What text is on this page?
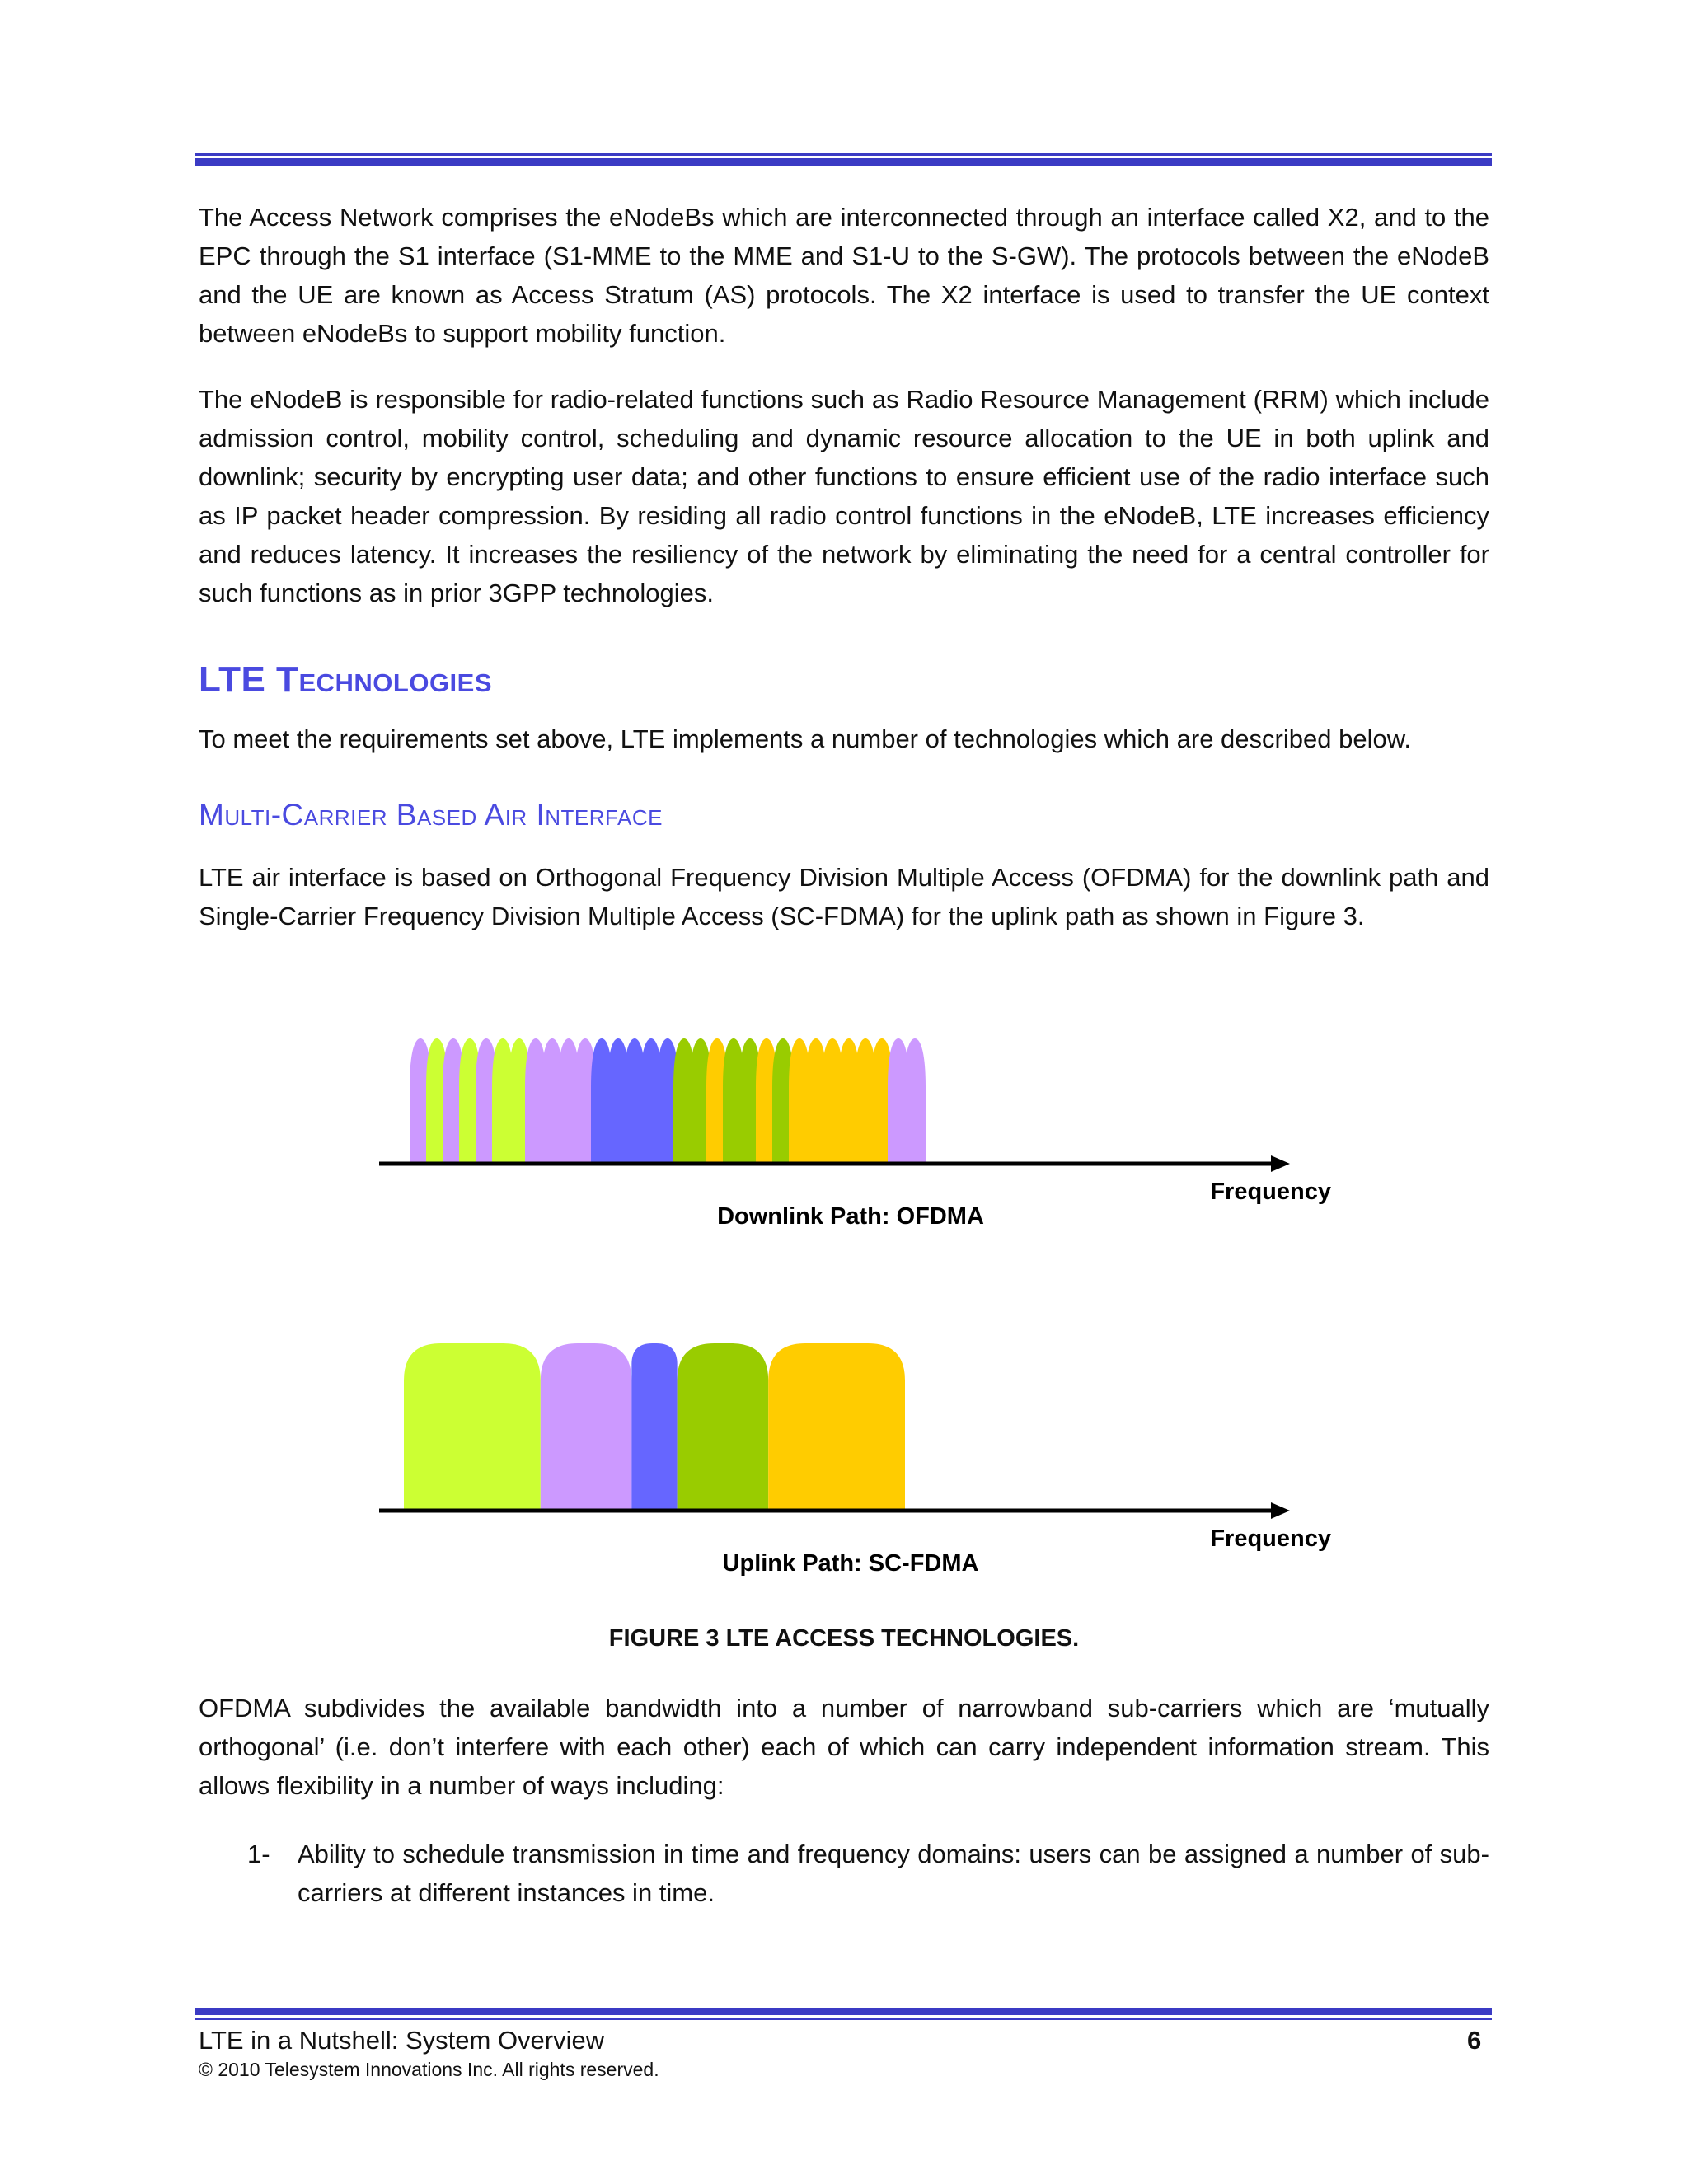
The Access Network comprises the eNodeBs which are interconnected through an interface called X2, and to the EPC through the S1 interface (S1-MME to the MME and S1-U to the S-GW). The protocols between the eNodeB and the UE are known as Access Stratum (AS) protocols. The X2 interface is used to transfer the UE context between eNodeBs to support mobility function.

The eNodeB is responsible for radio-related functions such as Radio Resource Management (RRM) which include admission control, mobility control, scheduling and dynamic resource allocation to the UE in both uplink and downlink; security by encrypting user data; and other functions to ensure efficient use of the radio interface such as IP packet header compression. By residing all radio control functions in the eNodeB, LTE increases efficiency and reduces latency. It increases the resiliency of the network by eliminating the need for a central controller for such functions as in prior 3GPP technologies.

LTE Technologies

To meet the requirements set above, LTE implements a number of technologies which are described below.

Multi-Carrier Based Air Interface

LTE air interface is based on Orthogonal Frequency Division Multiple Access (OFDMA) for the downlink path and Single-Carrier Frequency Division Multiple Access (SC-FDMA) for the uplink path as shown in Figure 3.

Frequency
Downlink Path: OFDMA
Frequency
Uplink Path: SC-FDMA
FIGURE 3 LTE ACCESS TECHNOLOGIES.

OFDMA subdivides the available bandwidth into a number of narrowband sub-carriers which are ‘mutually orthogonal’ (i.e. don’t interfere with each other) each of which can carry independent information stream. This allows flexibility in a number of ways including:

1- Ability to schedule transmission in time and frequency domains: users can be assigned a number of sub-carriers at different instances in time.
LTE in a Nutshell: System Overview	6
© 2010 Telesystem Innovations Inc. All rights reserved.
